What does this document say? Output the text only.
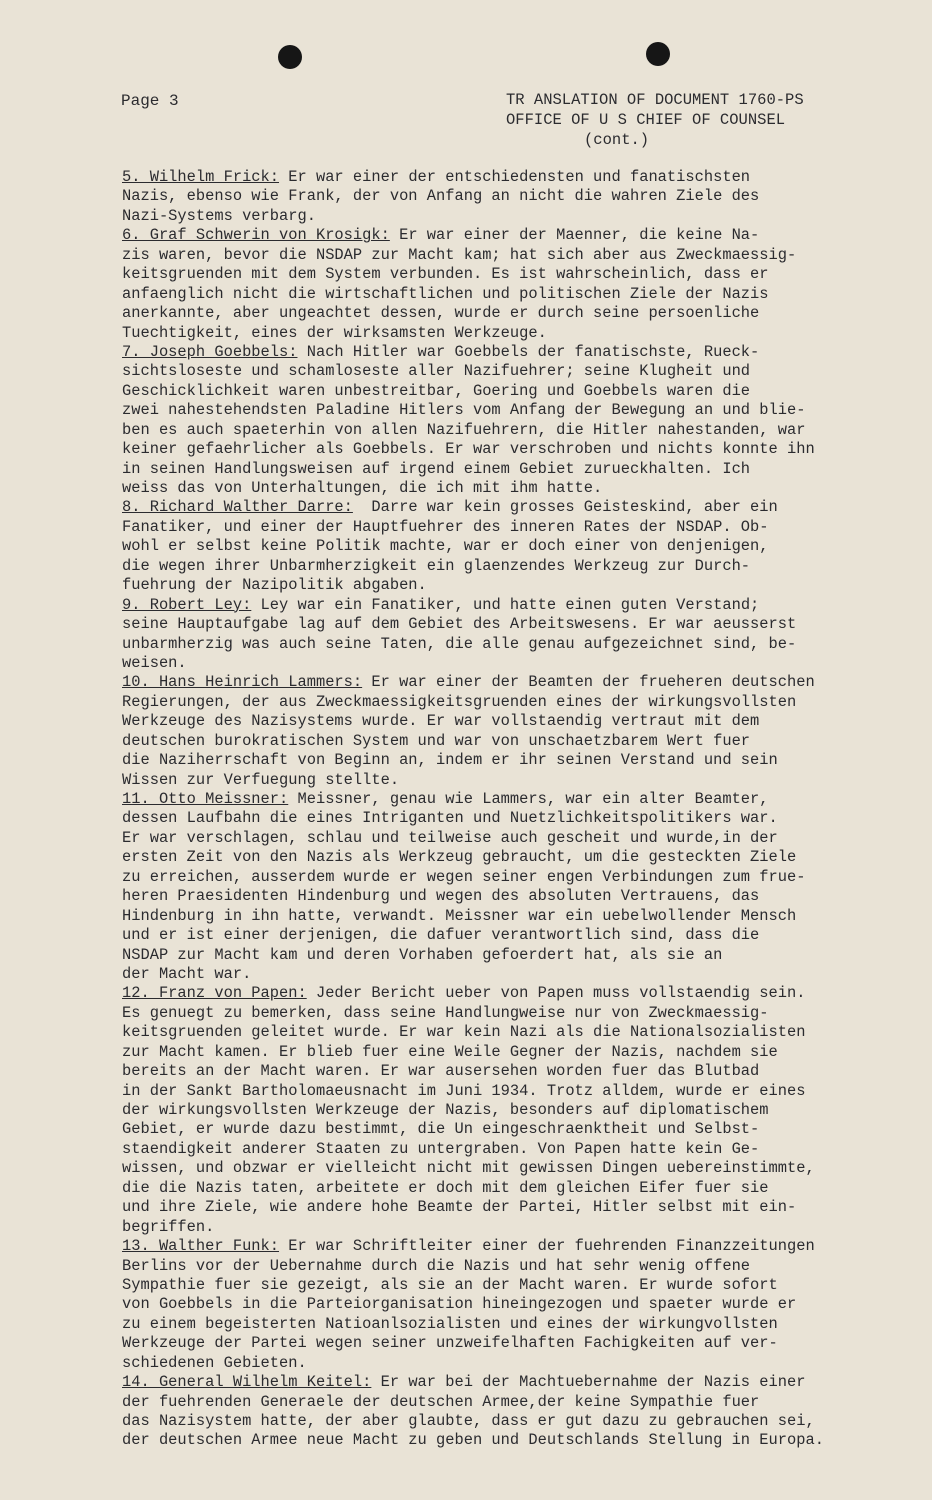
Page 3	TR ANSLATION OF DOCUMENT 1760-PS
OFFICE OF U S CHIEF OF COUNSEL
(cont.)
5. Wilhelm Frick: Er war einer der entschiedensten und fanatischsten
Nazis, ebenso wie Frank, der von Anfang an nicht die wahren Ziele des
Nazi-Systems verbarg.
6. Graf Schwerin von Krosigk: Er war einer der Maenner, die keine Na-
zis waren, bevor die NSDAP zur Macht kam; hat sich aber aus Zweckmaessig-
keitsgruenden mit dem System verbunden. Es ist wahrscheinlich, dass er
anfaenglich nicht die wirtschaftlichen und politischen Ziele der Nazis
anerkannte, aber ungeachtet dessen, wurde er durch seine persoenliche
Tuechtigkeit, eines der wirksamsten Werkzeuge.
7. Joseph Goebbels: Nach Hitler war Goebbels der fanatischste, Rueck-
sichtsloseste und schamloseste aller Nazifuehrer; seine Klugheit und
Geschicklichkeit waren unbestreitbar, Goering und Goebbels waren die
zwei nahestehendsten Paladine Hitlers vom Anfang der Bewegung an und blie-
ben es auch spaeterhin von allen Nazifuehrern, die Hitler nahestanden, war
keiner gefaehrlicher als Goebbels. Er war verschroben und nichts konnte ihn
in seinen Handlungsweisen auf irgend einem Gebiet zurueckhalten. Ich
weiss das von Unterhaltungen, die ich mit ihm hatte.
8. Richard Walther Darre:  Darre war kein grosses Geisteskind, aber ein
Fanatiker, und einer der Hauptfuehrer des inneren Rates der NSDAP. Ob-
wohl er selbst keine Politik machte, war er doch einer von denjenigen,
die wegen ihrer Unbarmherzigkeit ein glaenzendes Werkzeug zur Durch-
fuehrung der Nazipolitik abgaben.
9. Robert Ley: Ley war ein Fanatiker, und hatte einen guten Verstand;
seine Hauptaufgabe lag auf dem Gebiet des Arbeitswesens. Er war aeusserst
unbarmherzig was auch seine Taten, die alle genau aufgezeichnet sind, be-
weisen.
10. Hans Heinrich Lammers: Er war einer der Beamten der frueheren deutschen
Regierungen, der aus Zweckmaessigkeitsgruenden eines der wirkungsvollsten
Werkzeuge des Nazisystems wurde. Er war vollstaendig vertraut mit dem
deutschen burokratischen System und war von unschaetzbarem Wert fuer
die Naziherrschaft von Beginn an, indem er ihr seinen Verstand und sein
Wissen zur Verfuegung stellte.
11. Otto Meissner: Meissner, genau wie Lammers, war ein alter Beamter,
dessen Laufbahn die eines Intriganten und Nuetzlichkeitspolitikers war.
Er war verschlagen, schlau und teilweise auch gescheit und wurde,in der
ersten Zeit von den Nazis als Werkzeug gebraucht, um die gesteckten Ziele
zu erreichen, ausserdem wurde er wegen seiner engen Verbindungen zum frue-
heren Praesidenten Hindenburg und wegen des absoluten Vertrauens, das
Hindenburg in ihn hatte, verwandt. Meissner war ein uebelwollender Mensch
und er ist einer derjenigen, die dafuer verantwortlich sind, dass die
NSDAP zur Macht kam und deren Vorhaben gefoerdert hat, als sie an
der Macht war.
12. Franz von Papen: Jeder Bericht ueber von Papen muss vollstaendig sein.
Es genuegt zu bemerken, dass seine Handlungweise nur von Zweckmaessig-
keitsgruenden geleitet wurde. Er war kein Nazi als die Nationalsozialisten
zur Macht kamen. Er blieb fuer eine Weile Gegner der Nazis, nachdem sie
bereits an der Macht waren. Er war ausersehen worden fuer das Blutbad
in der Sankt Bartholomaeusnacht im Juni 1934. Trotz alldem, wurde er eines
der wirkungsvollsten Werkzeuge der Nazis, besonders auf diplomatischem
Gebiet, er wurde dazu bestimmt, die Un eingeschraenktheit und Selbst-
staendigkeit anderer Staaten zu untergraben. Von Papen hatte kein Ge-
wissen, und obzwar er vielleicht nicht mit gewissen Dingen uebereinstimmte,
die die Nazis taten, arbeitete er doch mit dem gleichen Eifer fuer sie
und ihre Ziele, wie andere hohe Beamte der Partei, Hitler selbst mit ein-
begriffen.
13. Walther Funk: Er war Schriftleiter einer der fuehrenden Finanzzeitungen
Berlins vor der Uebernahme durch die Nazis und hat sehr wenig offene
Sympathie fuer sie gezeigt, als sie an der Macht waren. Er wurde sofort
von Goebbels in die Parteiorganisation hineingezogen und spaeter wurde er
zu einem begeisterten Natioanlsozialisten und eines der wirkungvollsten
Werkzeuge der Partei wegen seiner unzweifelhaften Fachigkeiten auf ver-
schiedenen Gebieten.
14. General Wilhelm Keitel: Er war bei der Machtuebernahme der Nazis einer
der fuehrenden Generaele der deutschen Armee,der keine Sympathie fuer
das Nazisystem hatte, der aber glaubte, dass er gut dazu zu gebrauchen sei,
der deutschen Armee neue Macht zu geben und Deutschlands Stellung in Europa.
